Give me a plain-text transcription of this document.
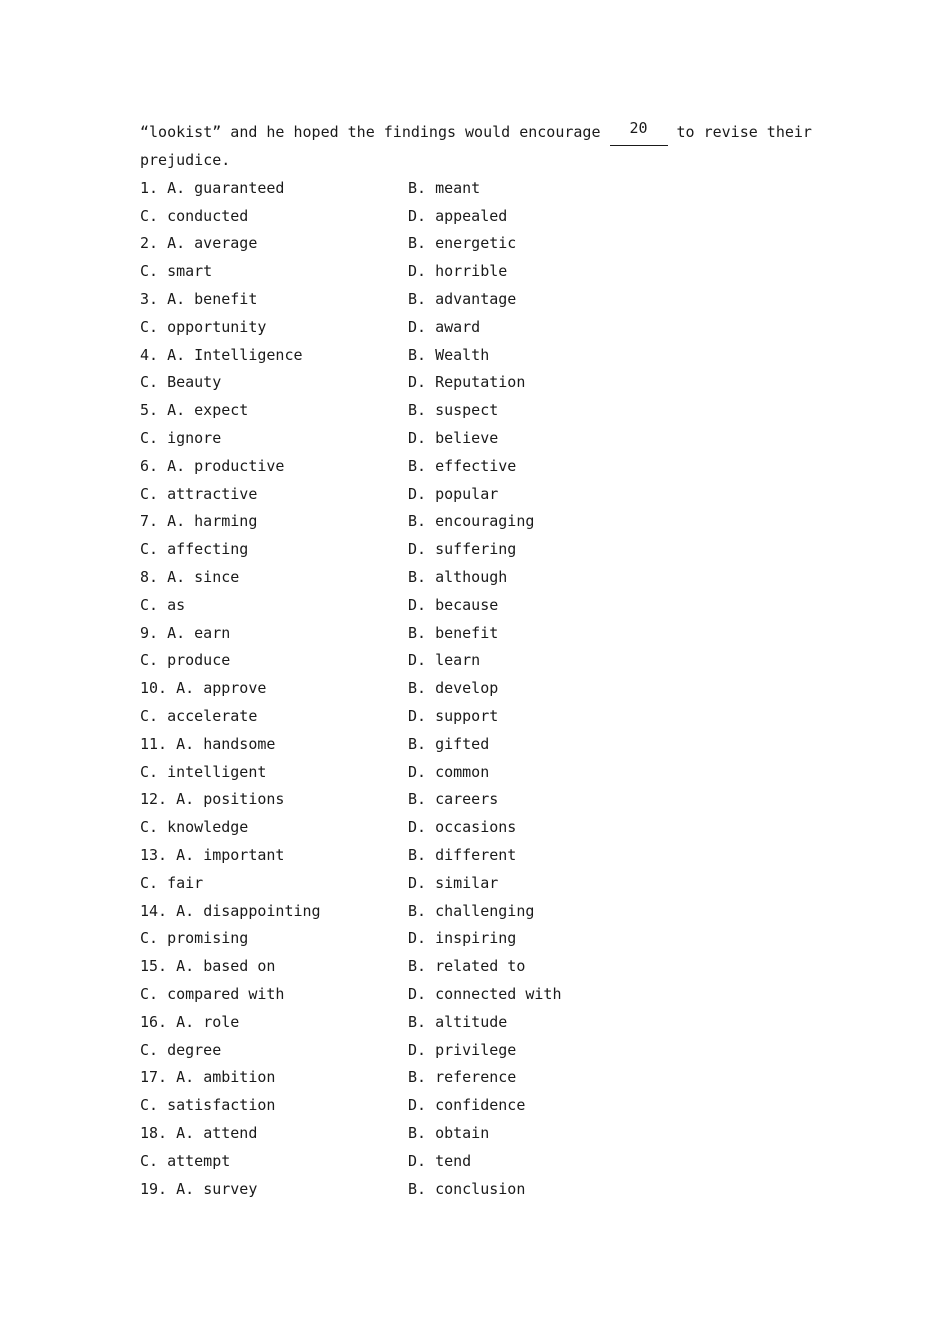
“lookist” and he hoped the findings would encourage	20	to revise their
prejudice.
1. A. guaranteed	B. meant
C. conducted	D. appealed
2. A. average	B. energetic
C. smart	D. horrible
3. A. benefit	B. advantage
C. opportunity	D. award
4. A. Intelligence	B. Wealth
C. Beauty	D. Reputation
5. A. expect	B. suspect
C. ignore	D. believe
6. A. productive	B. effective
C. attractive	D. popular
7. A. harming	B. encouraging
C. affecting	D. suffering
8. A. since	B. although
C. as	D. because
9. A. earn	B. benefit
C. produce	D. learn
10. A. approve	B. develop
C. accelerate	D. support
11. A. handsome	B. gifted
C. intelligent	D. common
12. A. positions	B. careers
C. knowledge	D. occasions
13. A. important	B. different
C. fair	D. similar
14. A. disappointing	B. challenging
C. promising	D. inspiring
15. A. based on	B. related to
C. compared with	D. connected with
16. A. role	B. altitude
C. degree	D. privilege
17. A. ambition	B. reference
C. satisfaction	D. confidence
18. A. attend	B. obtain
C. attempt	D. tend
19. A. survey	B. conclusion
